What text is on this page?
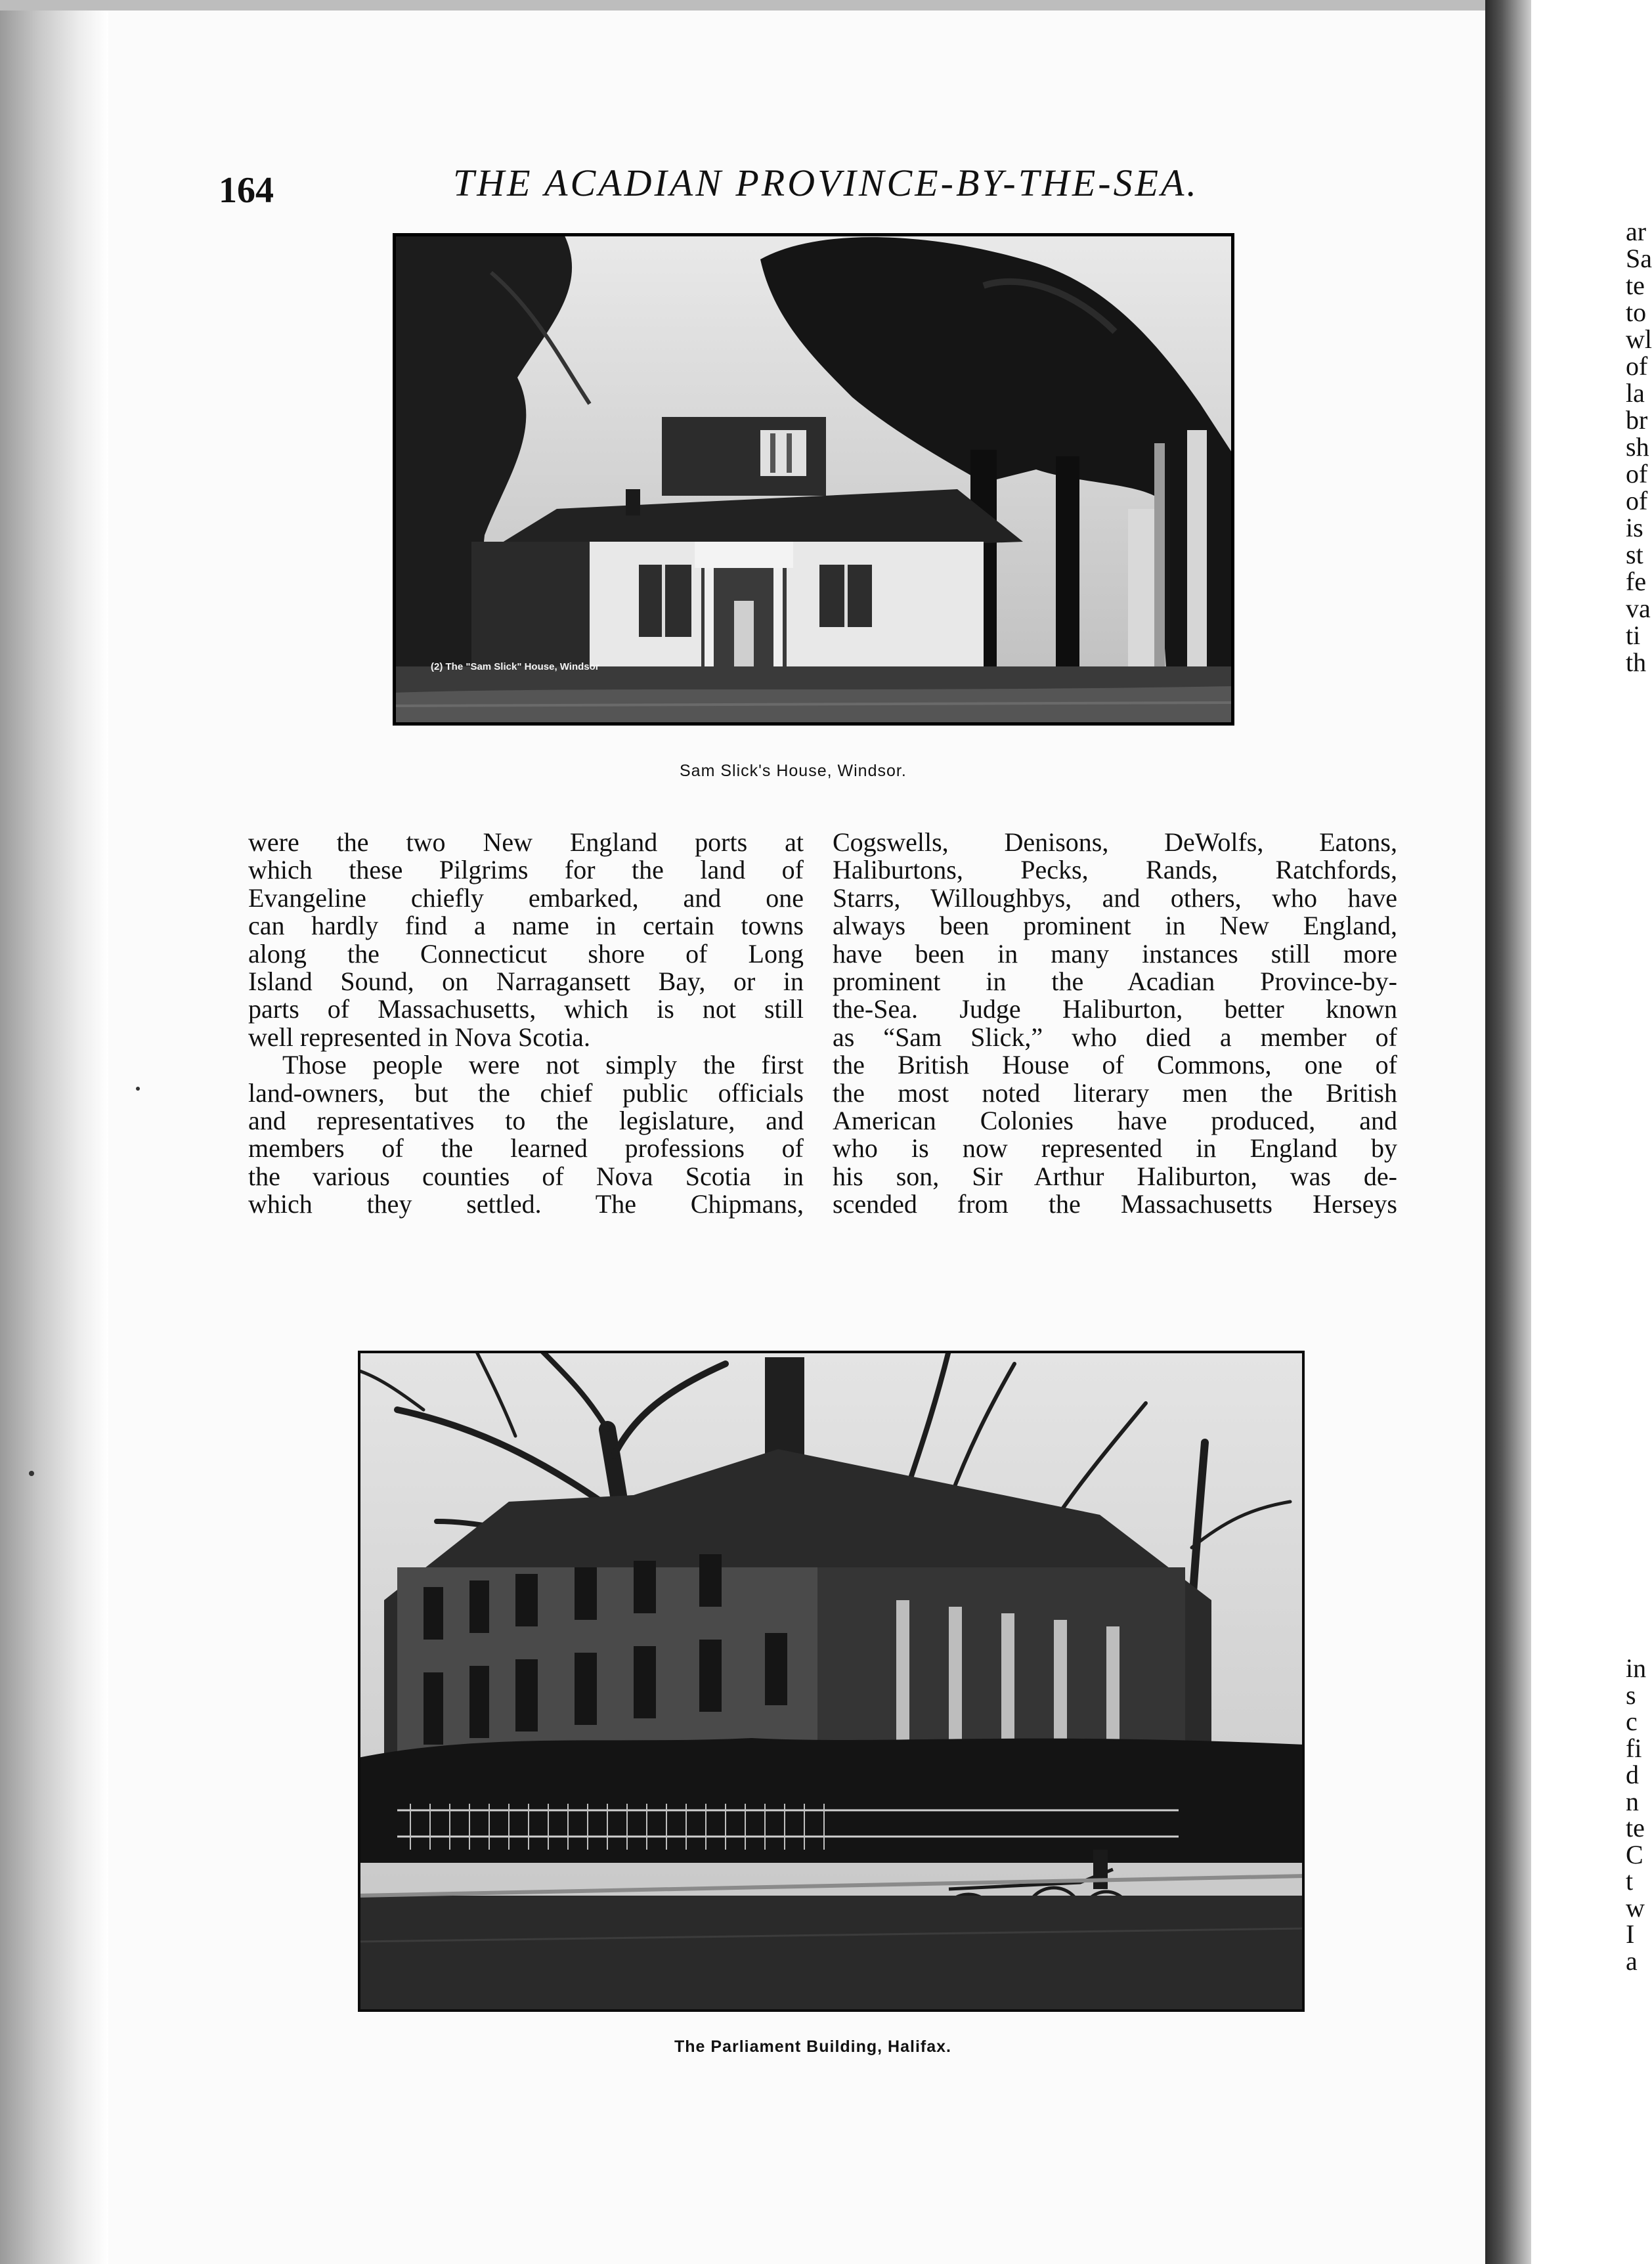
164	THE ACADIAN PROVINCE-BY-THE-SEA.
(2) The "Sam Slick" House, Windsor
Sam Slick's House, Windsor.
were the two New England ports at
which these Pilgrims for the land of
Evangeline chiefly embarked, and one
can hardly find a name in certain towns
along the Connecticut shore of Long
Island Sound, on Narragansett Bay, or in
parts of Massachusetts, which is not still
well represented in Nova Scotia.
Those people were not simply the first
land-owners, but the chief public officials
and representatives to the legislature, and
members of the learned professions of
the various counties of Nova Scotia in
which they settled. The Chipmans,
Cogswells, Denisons, DeWolfs, Eatons,
Haliburtons, Pecks, Rands, Ratchfords,
Starrs, Willoughbys, and others, who have
always been prominent in New England,
have been in many instances still more
prominent in the Acadian Province-by-
the-Sea. Judge Haliburton, better known
as “Sam Slick,” who died a member of
the British House of Commons, one of
the most noted literary men the British
American Colonies have produced, and
who is now represented in England by
his son, Sir Arthur Haliburton, was de-
scended from the Massachusetts Herseys
The Parliament Building, Halifax.
ar
Sa
te
to
wl
of
la
br
sh
of
of
is
st
fe
va
ti
th
in
s
c
fi
d
n
te
C
t
w
I
a
